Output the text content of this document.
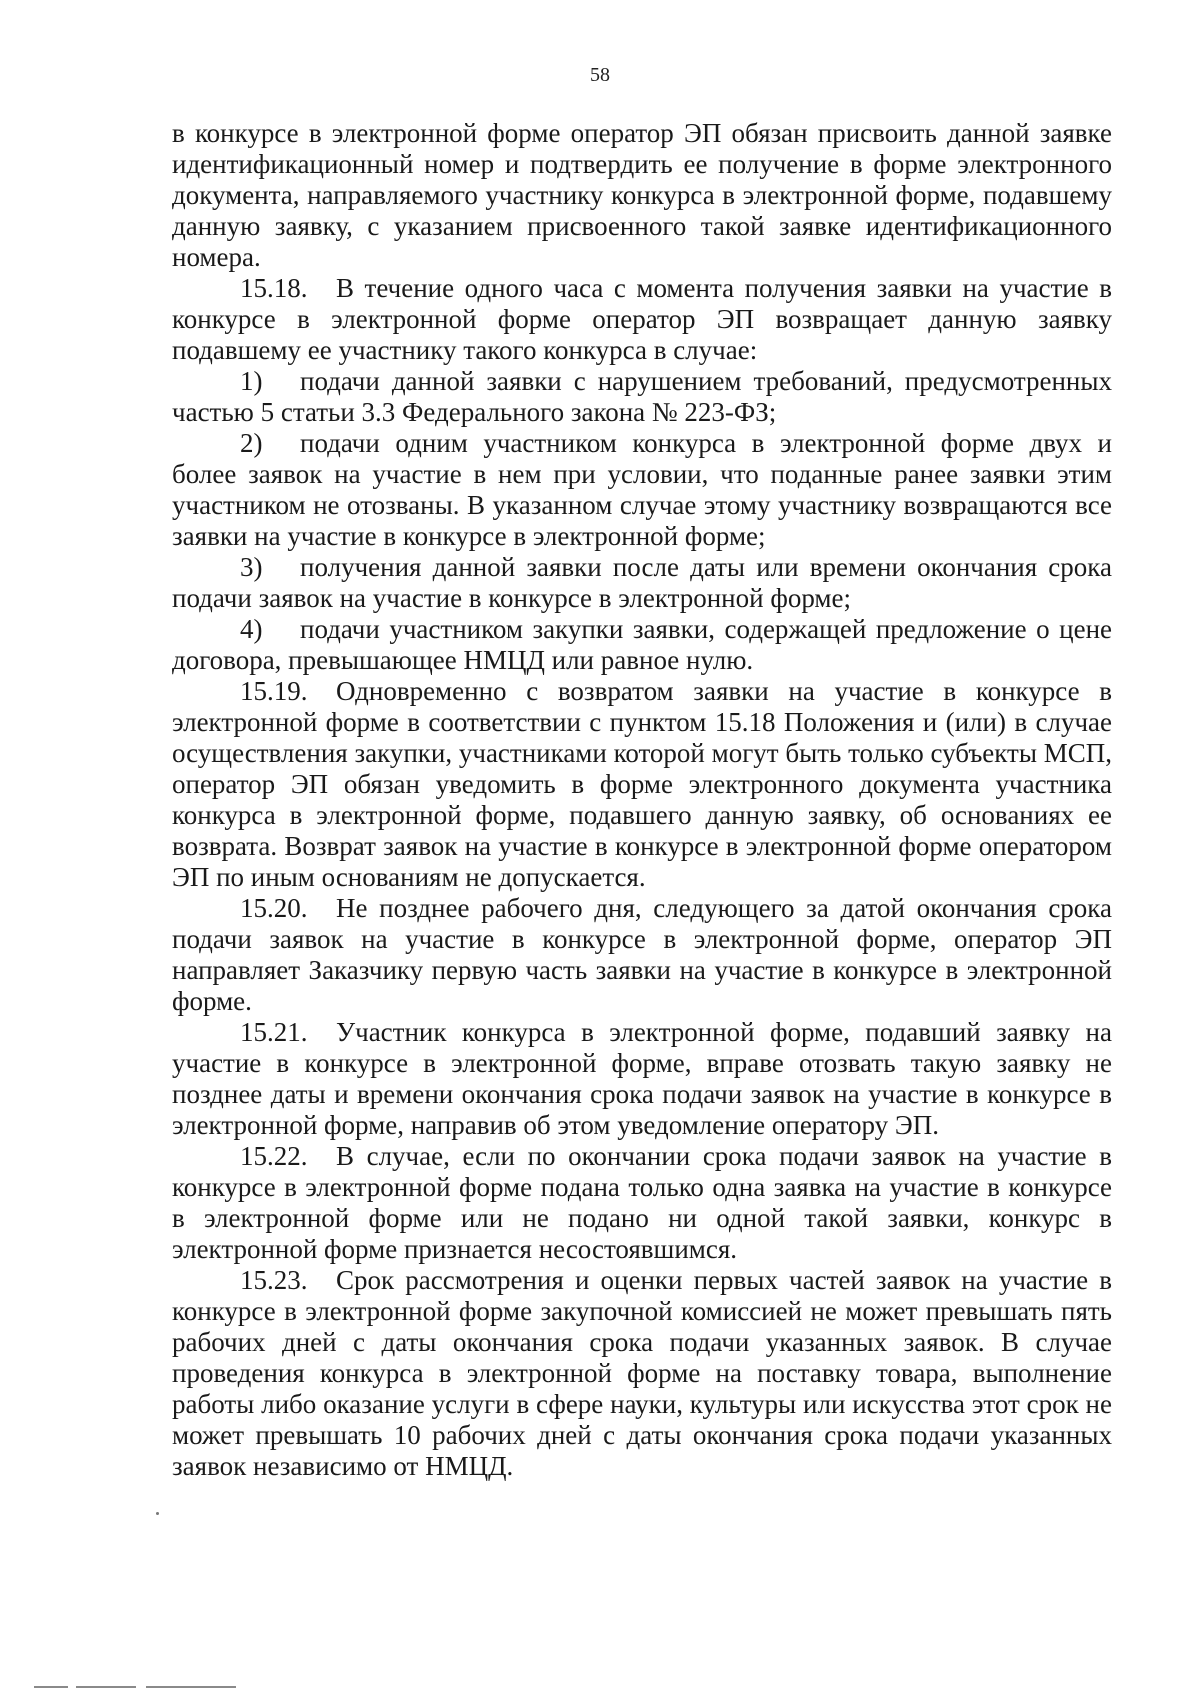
58

в конкурсе в электронной форме оператор ЭП обязан присвоить данной заявке идентификационный номер и подтвердить ее получение в форме электронного документа, направляемого участнику конкурса в электронной форме, подавшему данную заявку, с указанием присвоенного такой заявке идентификационного номера.

15.18. В течение одного часа с момента получения заявки на участие в конкурсе в электронной форме оператор ЭП возвращает данную заявку подавшему ее участнику такого конкурса в случае:

1) подачи данной заявки с нарушением требований, предусмотренных частью 5 статьи 3.3 Федерального закона № 223-ФЗ;

2) подачи одним участником конкурса в электронной форме двух и более заявок на участие в нем при условии, что поданные ранее заявки этим участником не отозваны. В указанном случае этому участнику возвращаются все заявки на участие в конкурсе в электронной форме;

3) получения данной заявки после даты или времени окончания срока подачи заявок на участие в конкурсе в электронной форме;

4) подачи участником закупки заявки, содержащей предложение о цене договора, превышающее НМЦД или равное нулю.

15.19. Одновременно с возвратом заявки на участие в конкурсе в электронной форме в соответствии с пунктом 15.18 Положения и (или) в случае осуществления закупки, участниками которой могут быть только субъекты МСП, оператор ЭП обязан уведомить в форме электронного документа участника конкурса в электронной форме, подавшего данную заявку, об основаниях ее возврата. Возврат заявок на участие в конкурсе в электронной форме оператором ЭП по иным основаниям не допускается.

15.20. Не позднее рабочего дня, следующего за датой окончания срока подачи заявок на участие в конкурсе в электронной форме, оператор ЭП направляет Заказчику первую часть заявки на участие в конкурсе в электронной форме.

15.21. Участник конкурса в электронной форме, подавший заявку на участие в конкурсе в электронной форме, вправе отозвать такую заявку не позднее даты и времени окончания срока подачи заявок на участие в конкурсе в электронной форме, направив об этом уведомление оператору ЭП.

15.22. В случае, если по окончании срока подачи заявок на участие в конкурсе в электронной форме подана только одна заявка на участие в конкурсе в электронной форме или не подано ни одной такой заявки, конкурс в электронной форме признается несостоявшимся.

15.23. Срок рассмотрения и оценки первых частей заявок на участие в конкурсе в электронной форме закупочной комиссией не может превышать пять рабочих дней с даты окончания срока подачи указанных заявок. В случае проведения конкурса в электронной форме на поставку товара, выполнение работы либо оказание услуги в сфере науки, культуры или искусства этот срок не может превышать 10 рабочих дней с даты окончания срока подачи указанных заявок независимо от НМЦД.
